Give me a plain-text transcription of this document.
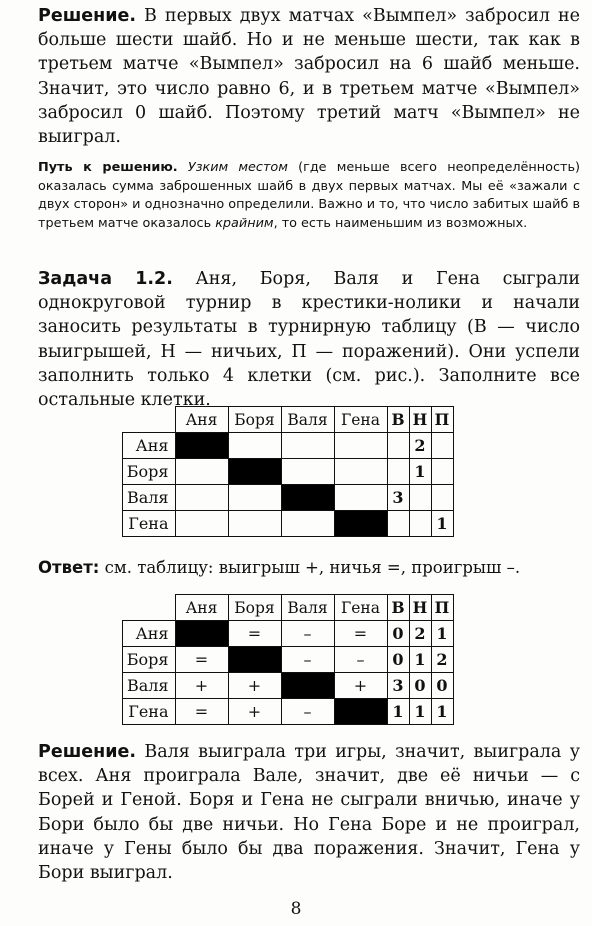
Решение. В первых двух матчах «Вымпел» забросил не больше шести шайб. Но и не меньше шести, так как в третьем матче «Вымпел» забросил на 6 шайб меньше. Значит, это число равно 6, и в третьем матче «Вымпел» забросил 0 шайб. Поэтому третий матч «Вымпел» не выиграл.

Путь к решению. Узким местом (где меньше всего неопределённость) оказалась сумма заброшенных шайб в двух первых матчах. Мы её «зажали с двух сторон» и однозначно определили. Важно и то, что число забитых шайб в третьем матче оказалось крайним, то есть наименьшим из возможных.

Задача 1.2. Аня, Боря, Валя и Гена сыграли однокруговой турнир в крестики-нолики и начали заносить результаты в турнирную таблицу (В — число выигрышей, Н — ничьих, П — поражений). Они успели заполнить только 4 клетки (см. рис.). Заполните все остальные клетки.

	Аня	Боря	Валя	Гена	В	Н	П
Аня						2	
Боря						1	
Валя					3		
Гена							1

Ответ: см. таблицу: выигрыш +, ничья =, проигрыш –.

	Аня	Боря	Валя	Гена	В	Н	П
Аня		=	–	=	0	2	1
Боря	=		–	–	0	1	2
Валя	+	+		+	3	0	0
Гена	=	+	–		1	1	1

Решение. Валя выиграла три игры, значит, выиграла у всех. Аня проиграла Вале, значит, две её ничьи — с Борей и Геной. Боря и Гена не сыграли вничью, иначе у Бори было бы две ничьи. Но Гена Боре и не проиграл, иначе у Гены было бы два поражения. Значит, Гена у Бори выиграл.

8
